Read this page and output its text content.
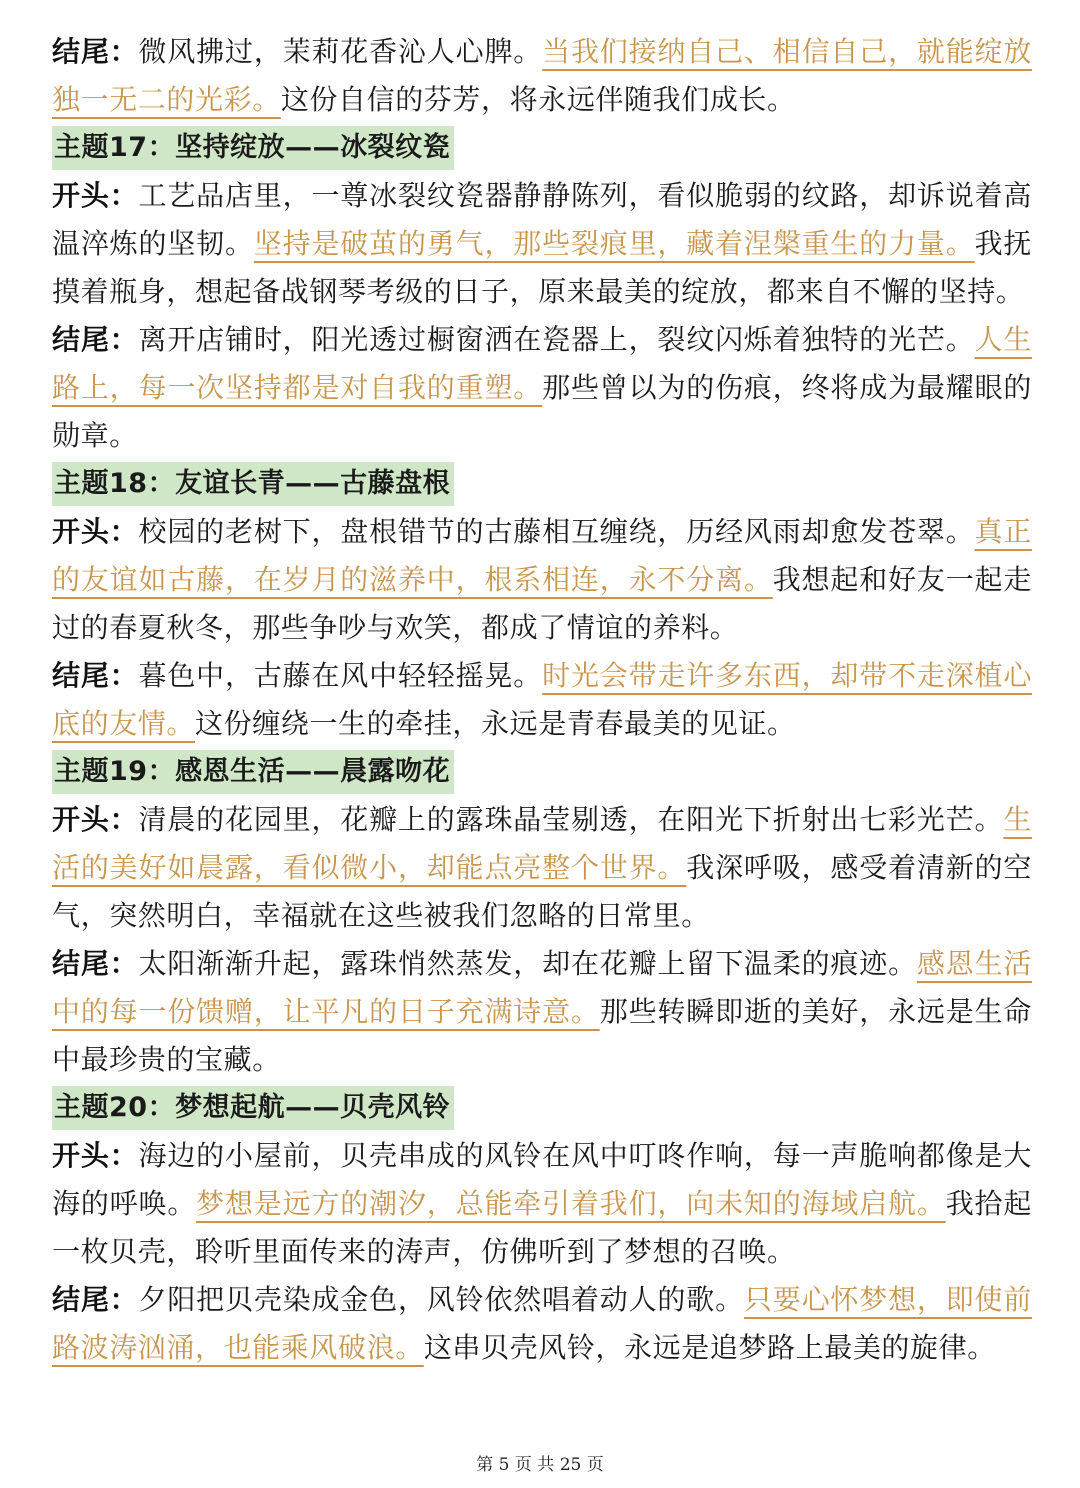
结尾：微风拂过，茉莉花香沁人心脾。当我们接纳自己、相信自己，就能绽放独一无二的光彩。这份自信的芬芳，将永远伴随我们成长。

主题17：坚持绽放——冰裂纹瓷

开头：工艺品店里，一尊冰裂纹瓷器静静陈列，看似脆弱的纹路，却诉说着高温淬炼的坚韧。坚持是破茧的勇气，那些裂痕里，藏着涅槃重生的力量。我抚摸着瓶身，想起备战钢琴考级的日子，原来最美的绽放，都来自不懈的坚持。

结尾：离开店铺时，阳光透过橱窗洒在瓷器上，裂纹闪烁着独特的光芒。人生路上，每一次坚持都是对自我的重塑。那些曾以为的伤痕，终将成为最耀眼的勋章。

主题18：友谊长青——古藤盘根

开头：校园的老树下，盘根错节的古藤相互缠绕，历经风雨却愈发苍翠。真正的友谊如古藤，在岁月的滋养中，根系相连，永不分离。我想起和好友一起走过的春夏秋冬，那些争吵与欢笑，都成了情谊的养料。

结尾：暮色中，古藤在风中轻轻摇晃。时光会带走许多东西，却带不走深植心底的友情。这份缠绕一生的牵挂，永远是青春最美的见证。

主题19：感恩生活——晨露吻花

开头：清晨的花园里，花瓣上的露珠晶莹剔透，在阳光下折射出七彩光芒。生活的美好如晨露，看似微小，却能点亮整个世界。我深呼吸，感受着清新的空气，突然明白，幸福就在这些被我们忽略的日常里。

结尾：太阳渐渐升起，露珠悄然蒸发，却在花瓣上留下温柔的痕迹。感恩生活中的每一份馈赠，让平凡的日子充满诗意。那些转瞬即逝的美好，永远是生命中最珍贵的宝藏。

主题20：梦想起航——贝壳风铃

开头：海边的小屋前，贝壳串成的风铃在风中叮咚作响，每一声脆响都像是大海的呼唤。梦想是远方的潮汐，总能牵引着我们，向未知的海域启航。我拾起一枚贝壳，聆听里面传来的涛声，仿佛听到了梦想的召唤。

结尾：夕阳把贝壳染成金色，风铃依然唱着动人的歌。只要心怀梦想，即使前路波涛汹涌，也能乘风破浪。这串贝壳风铃，永远是追梦路上最美的旋律。

第 5 页 共 25 页
